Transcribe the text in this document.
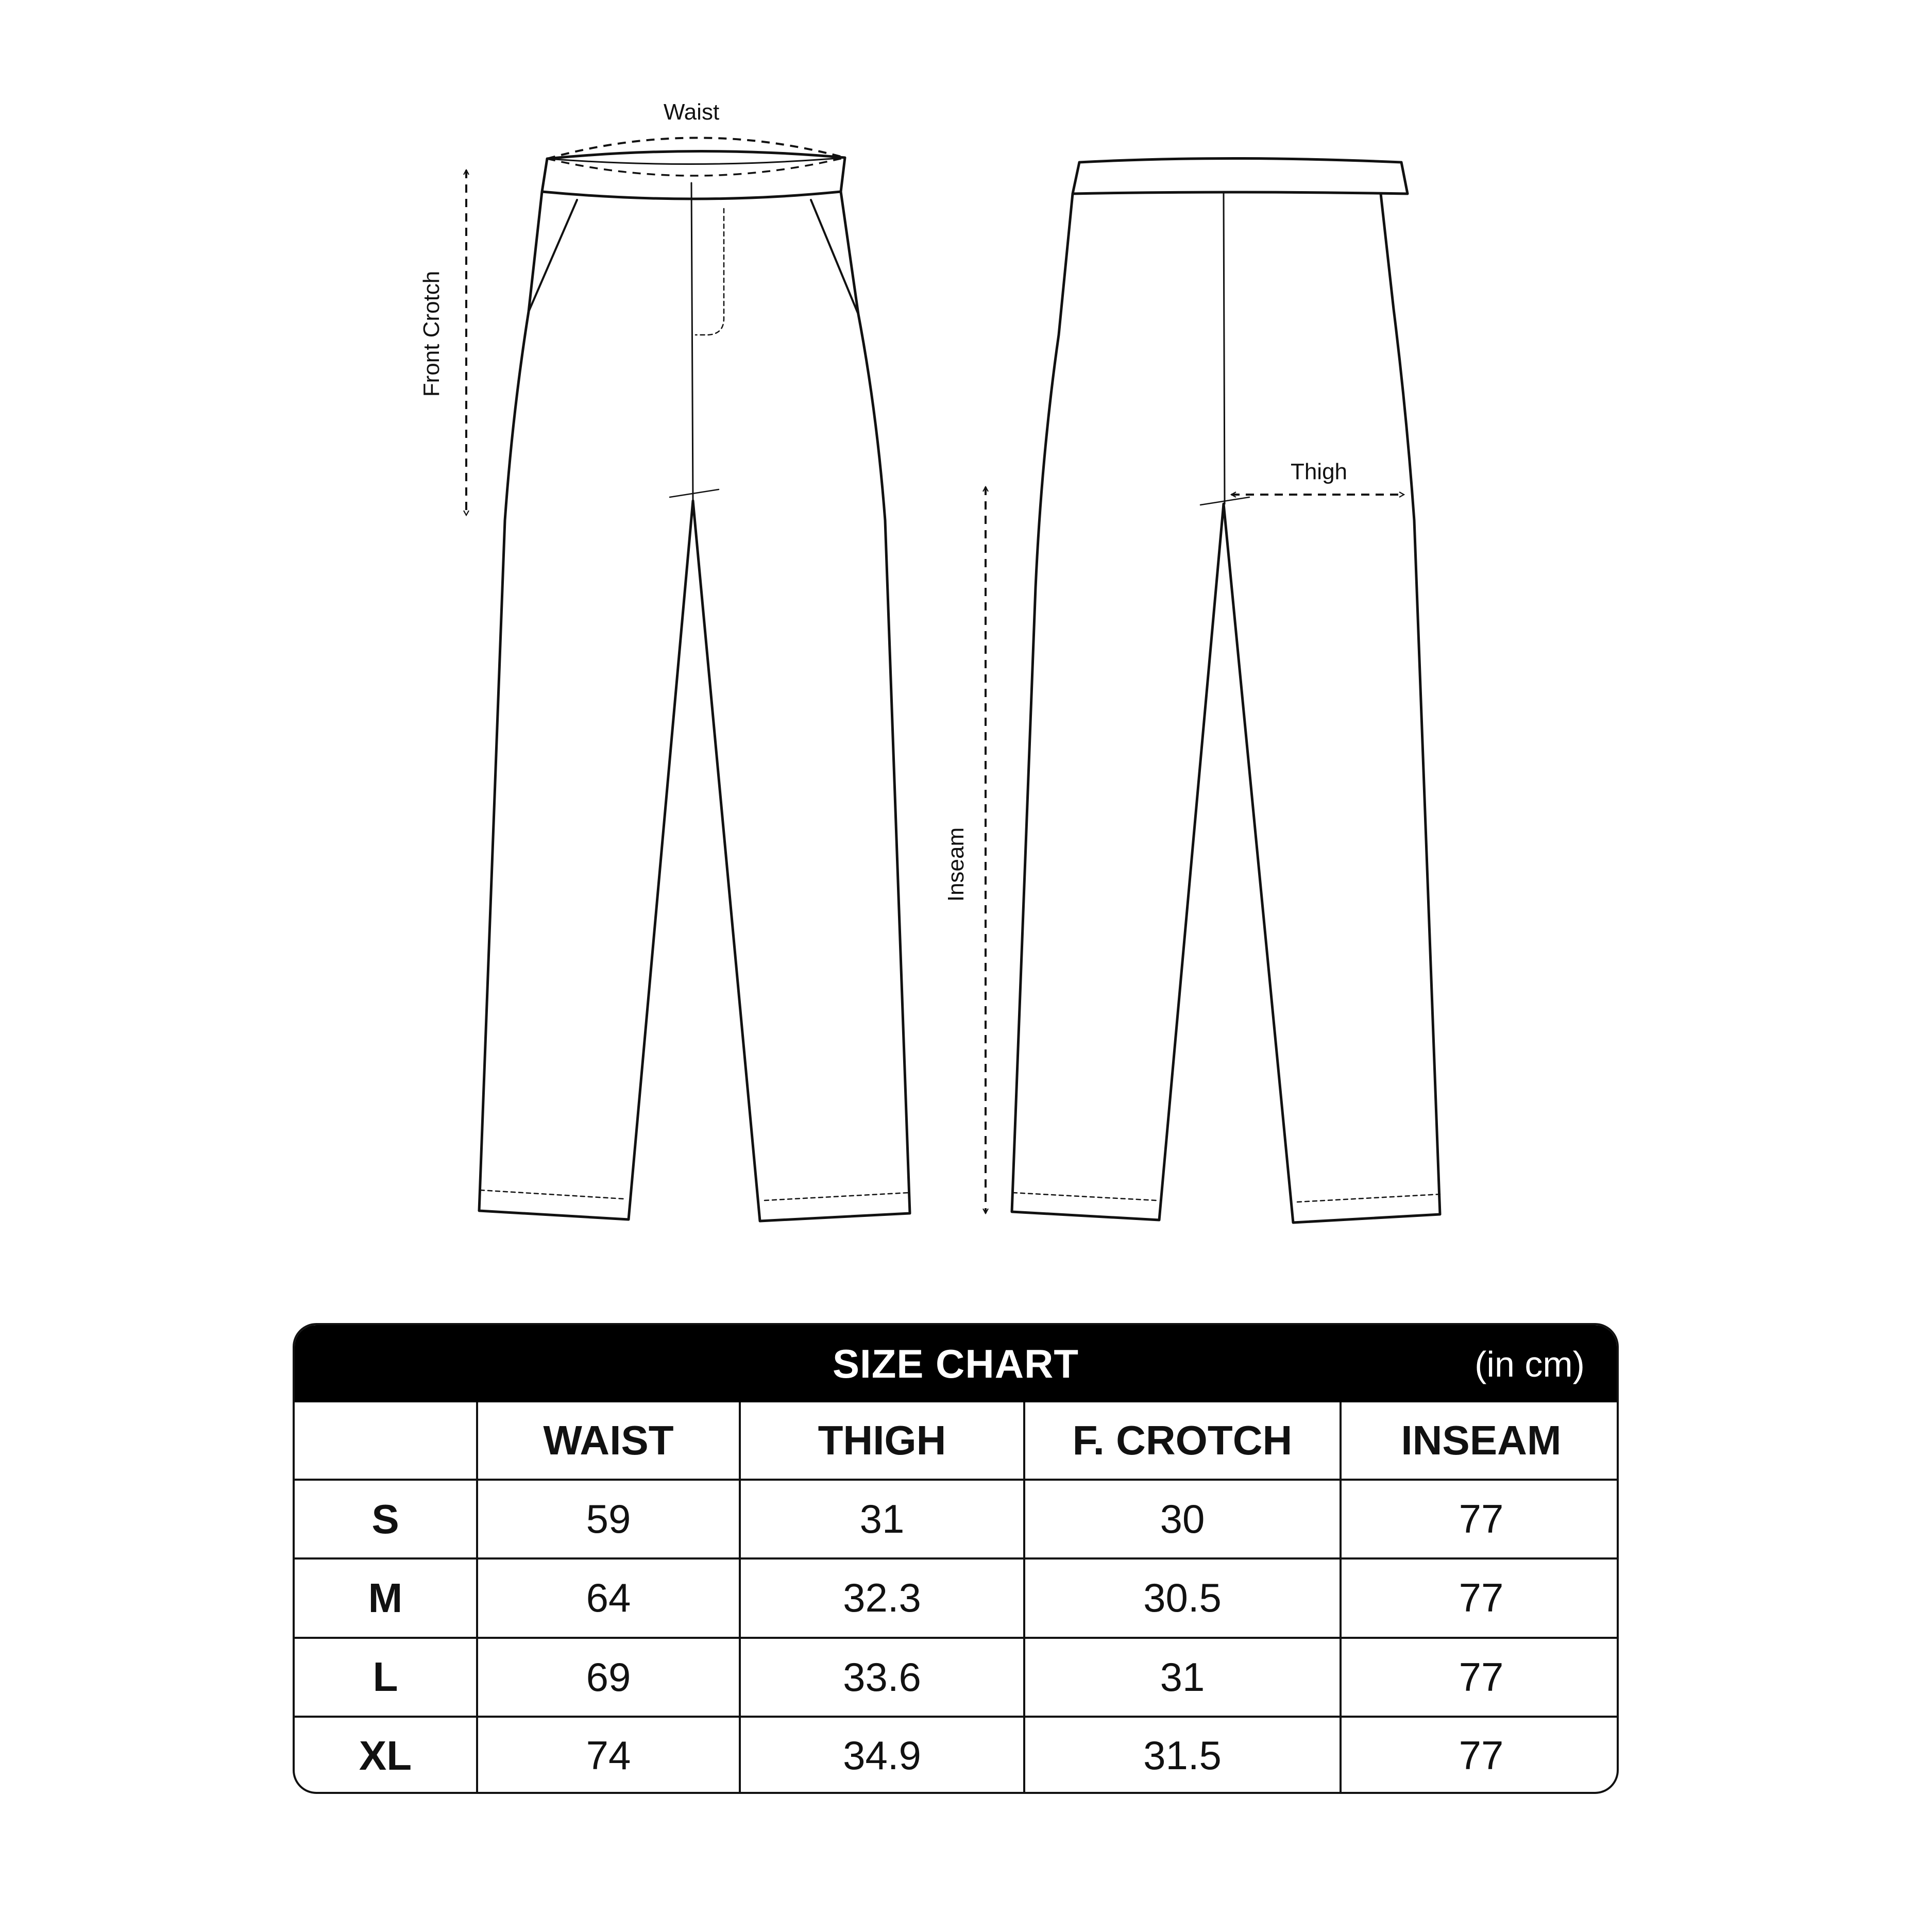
Waist
Front Crotch
Thigh
Inseam
SIZE CHART	(in cm)
	WAIST	THIGH	F. CROTCH	INSEAM
S	59	31	30	77
M	64	32.3	30.5	77
L	69	33.6	31	77
XL	74	34.9	31.5	77
